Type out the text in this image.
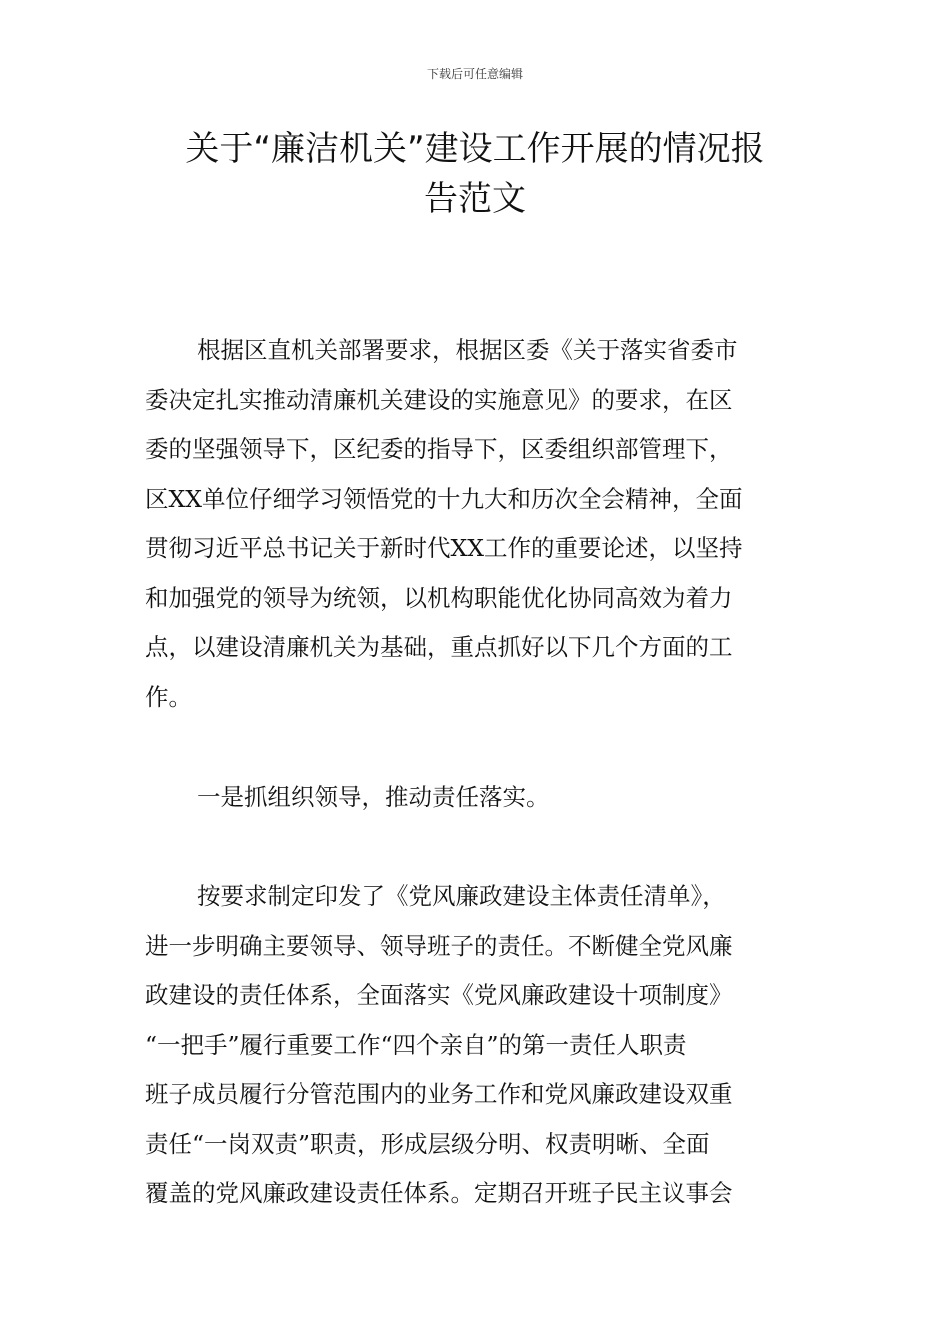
下载后可任意编辑
关于“廉洁机关”建设工作开展的情况报
告范文
根据区直机关部署要求，根据区委《关于落实省委市
委决定扎实推动清廉机关建设的实施意见》的要求，在区
委的坚强领导下，区纪委的指导下，区委组织部管理下，
区XX单位仔细学习领悟党的十九大和历次全会精神，全面
贯彻习近平总书记关于新时代XX工作的重要论述，以坚持
和加强党的领导为统领，以机构职能优化协同高效为着力
点，以建设清廉机关为基础，重点抓好以下几个方面的工
作。
一是抓组织领导，推动责任落实。
按要求制定印发了《党风廉政建设主体责任清单》，
进一步明确主要领导、领导班子的责任。不断健全党风廉
政建设的责任体系，全面落实《党风廉政建设十项制度》
“一把手”履行重要工作“四个亲自”的第一责任人职责
班子成员履行分管范围内的业务工作和党风廉政建设双重
责任“一岗双责”职责，形成层级分明、权责明晰、全面
覆盖的党风廉政建设责任体系。定期召开班子民主议事会
